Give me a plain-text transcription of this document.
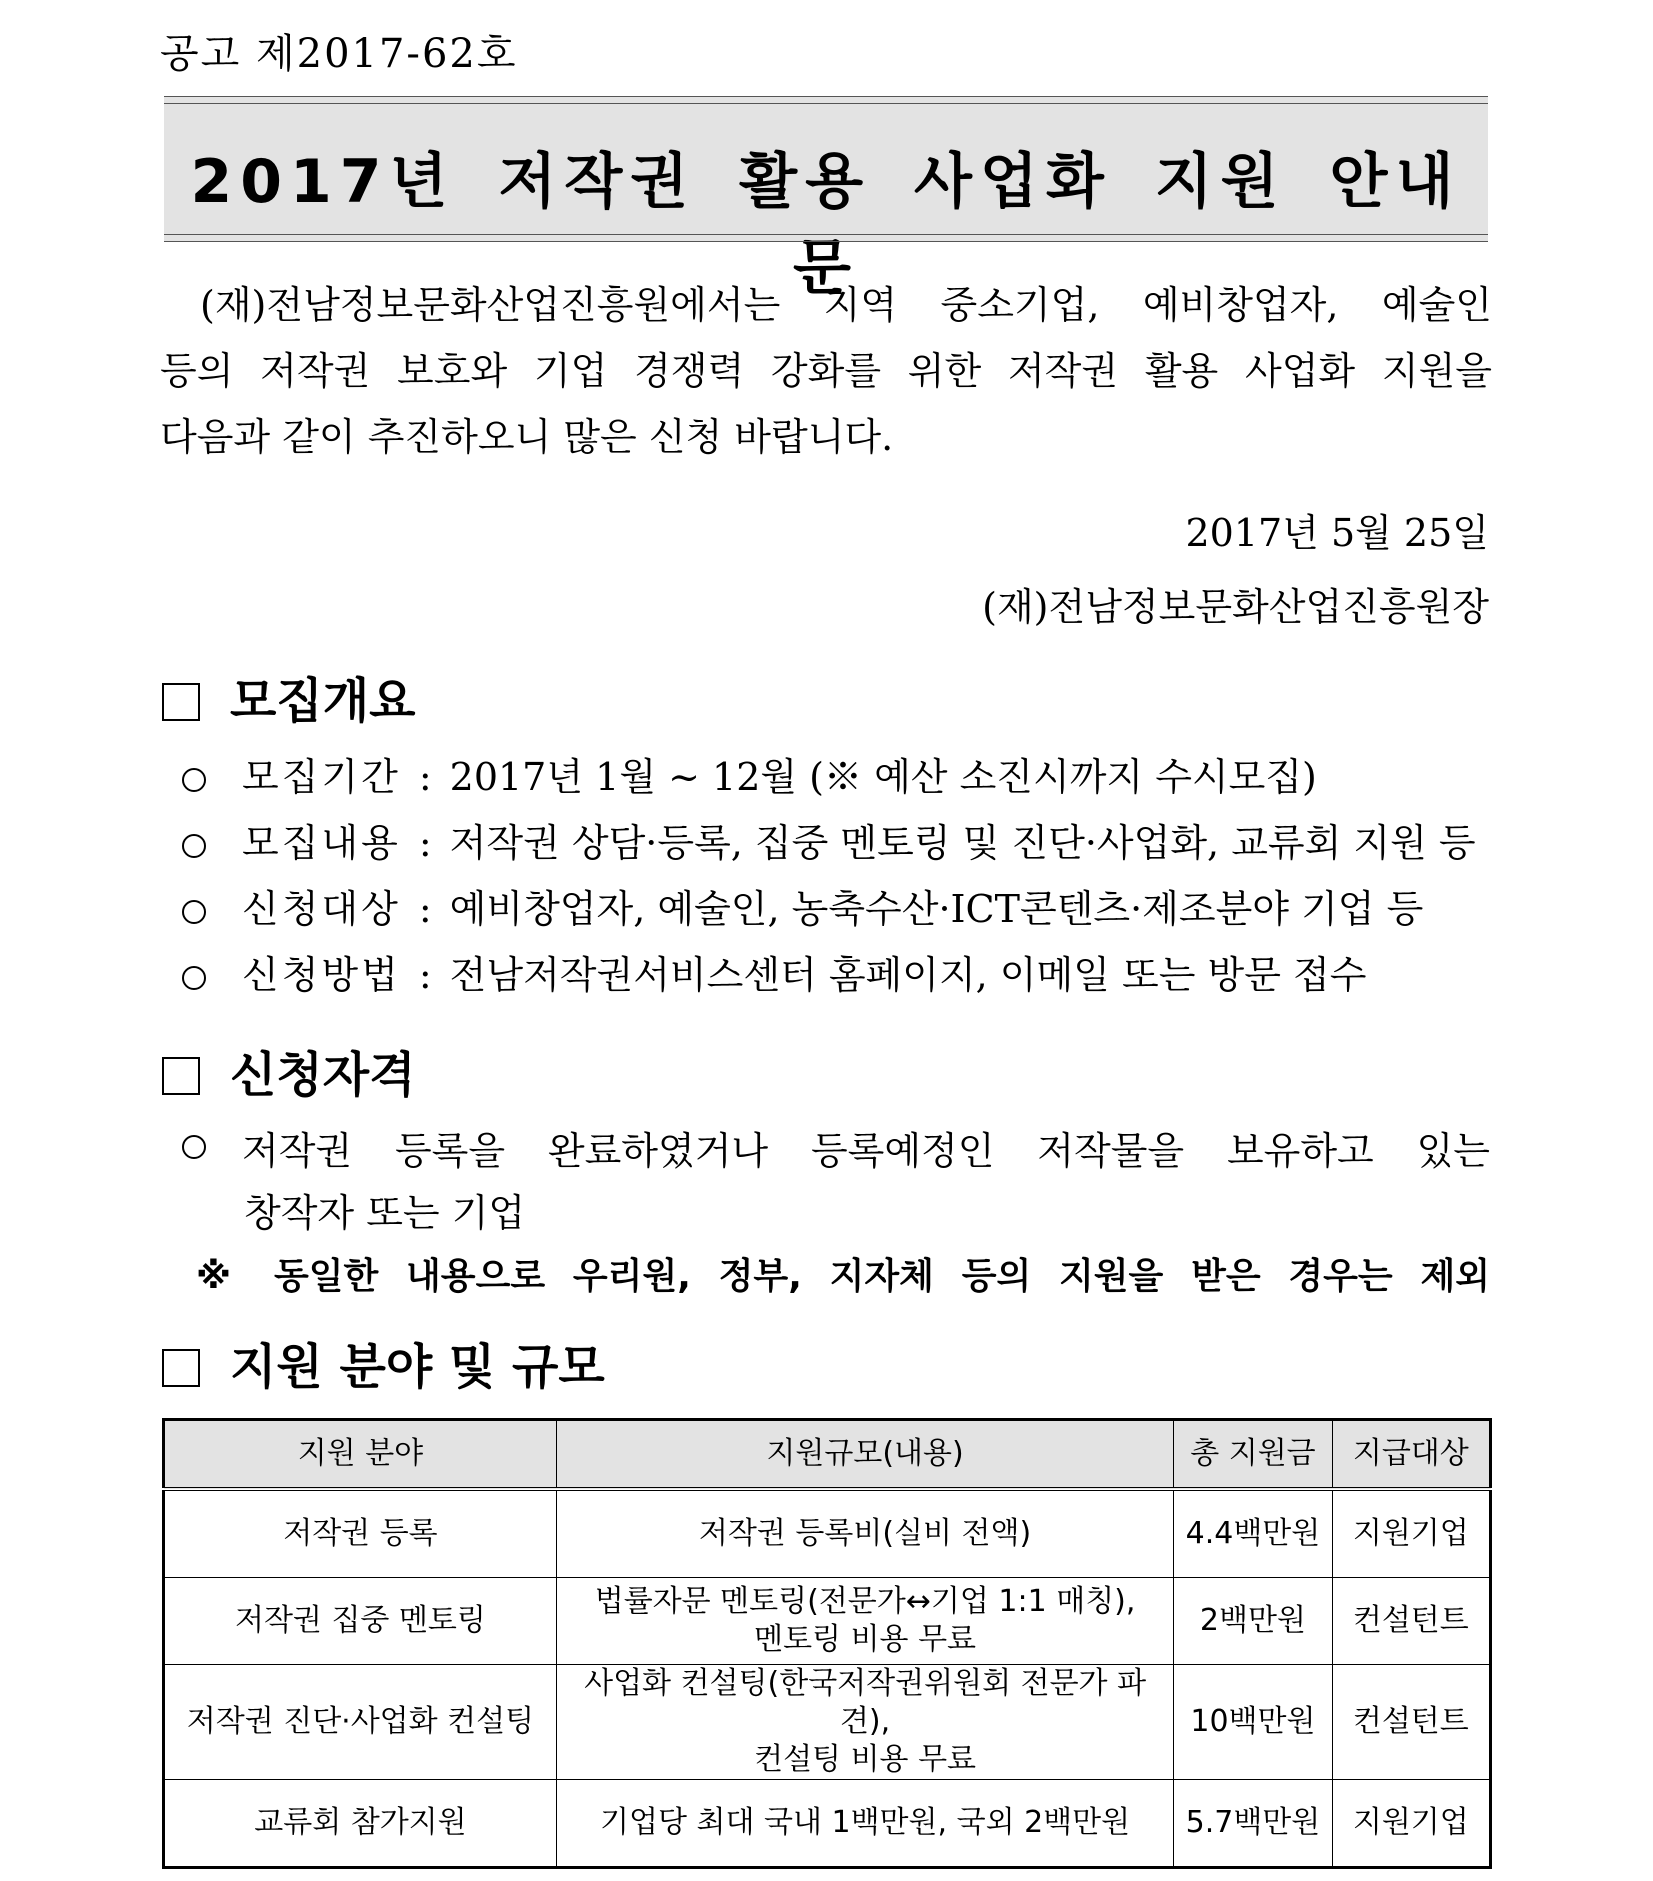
공고 제2017-62호
2017년 저작권 활용 사업화 지원 안내문
(재)전남정보문화산업진흥원에서는 지역 중소기업, 예비창업자, 예술인
등의 저작권 보호와 기업 경쟁력 강화를 위한 저작권 활용 사업화 지원을
다음과 같이 추진하오니 많은 신청 바랍니다.
2017년 5월 25일
(재)전남정보문화산업진흥원장
모집개요
모집기간 : 2017년 1월 ~ 12월 (※ 예산 소진시까지 수시모집)
모집내용 : 저작권 상담·등록, 집중 멘토링 및 진단·사업화, 교류회 지원 등
신청대상 : 예비창업자, 예술인, 농축수산·ICT콘텐츠·제조분야 기업 등
신청방법 : 전남저작권서비스센터 홈페이지, 이메일 또는 방문 접수
신청자격
저작권 등록을 완료하였거나 등록예정인 저작물을 보유하고 있는
창작자 또는 기업
※ 동일한 내용으로 우리원, 정부, 지자체 등의 지원을 받은 경우는 제외
지원 분야 및 규모
지원 분야	지원규모(내용)	총 지원금	지급대상
저작권 등록	저작권 등록비(실비 전액)	4.4백만원	지원기업
저작권 집중 멘토링	법률자문 멘토링(전문가↔기업 1:1 매칭),
멘토링 비용 무료	2백만원	컨설턴트
저작권 진단·사업화 컨설팅	사업화 컨설팅(한국저작권위원회 전문가 파견),
컨설팅 비용 무료	10백만원	컨설턴트
교류회 참가지원	기업당 최대 국내 1백만원, 국외 2백만원	5.7백만원	지원기업
